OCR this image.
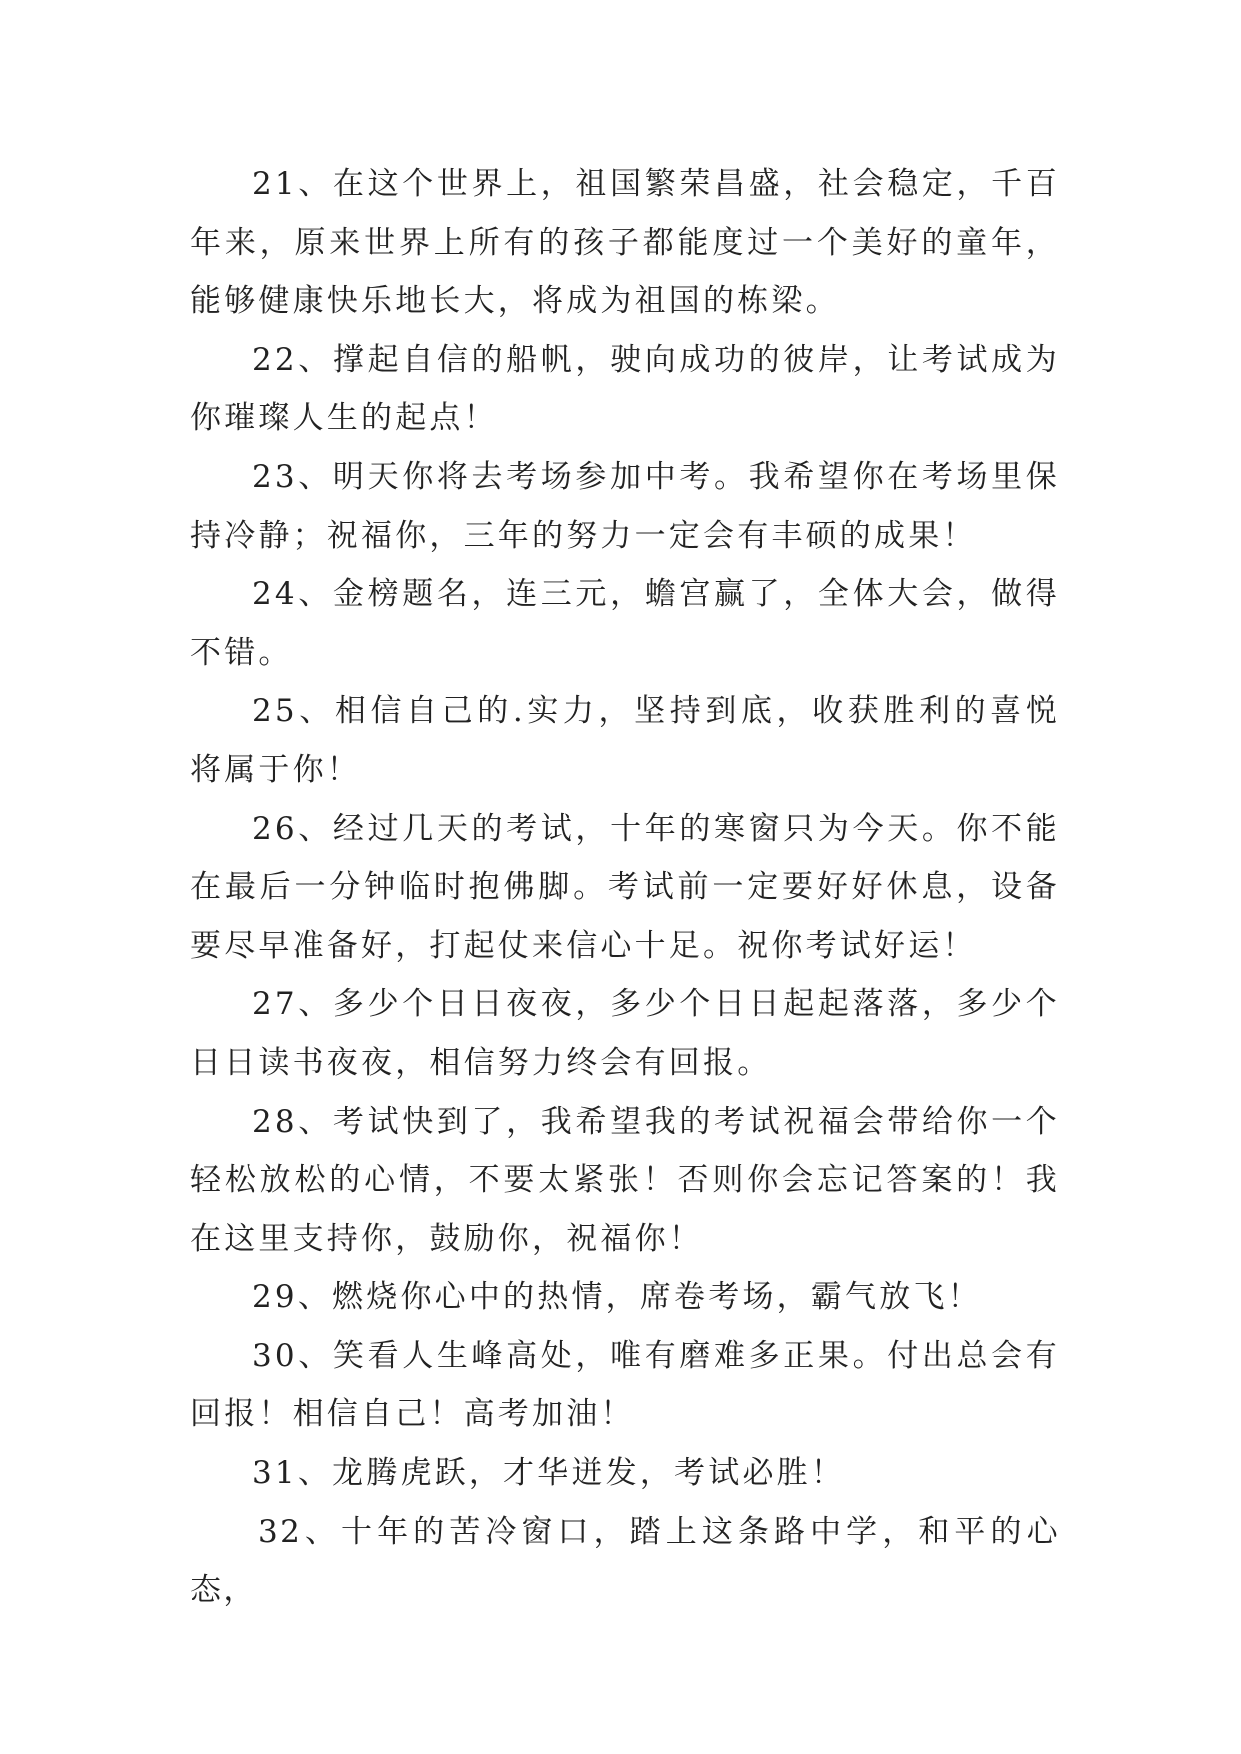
21、在这个世界上，祖国繁荣昌盛，社会稳定，千百年来，原来世界上所有的孩子都能度过一个美好的童年，能够健康快乐地长大，将成为祖国的栋梁。

22、撑起自信的船帆，驶向成功的彼岸，让考试成为你璀璨人生的起点！

23、明天你将去考场参加中考。我希望你在考场里保持冷静；祝福你，三年的努力一定会有丰硕的成果！

24、金榜题名，连三元，蟾宫赢了，全体大会，做得不错。

25、相信自己的.实力，坚持到底，收获胜利的喜悦将属于你！

26、经过几天的考试，十年的寒窗只为今天。你不能在最后一分钟临时抱佛脚。考试前一定要好好休息，设备要尽早准备好，打起仗来信心十足。祝你考试好运！

27、多少个日日夜夜，多少个日日起起落落，多少个日日读书夜夜，相信努力终会有回报。

28、考试快到了，我希望我的考试祝福会带给你一个轻松放松的心情，不要太紧张！否则你会忘记答案的！我在这里支持你，鼓励你，祝福你！

29、燃烧你心中的热情，席卷考场，霸气放飞！

30、笑看人生峰高处，唯有磨难多正果。付出总会有回报！相信自己！高考加油！

31、龙腾虎跃，才华迸发，考试必胜！

32、十年的苦冷窗口，踏上这条路中学，和平的心态，
